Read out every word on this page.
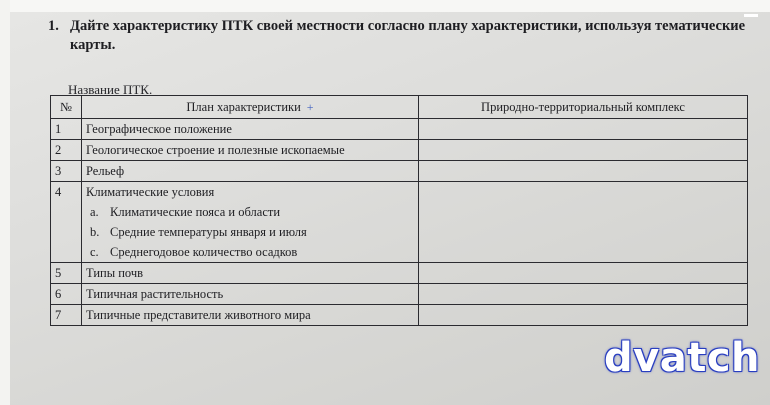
1. Дайте характеристику ПТК своей местности согласно плану характеристики, используя тематические карты.
Название ПТК.
№	План характеристики +	Природно-территориальный комплекс
1	Географическое положение	
2	Геологическое строение и полезные ископаемые	
3	Рельеф	
4	Климатические условия
a. Климатические пояса и области
b. Средние температуры января и июля
c. Среднегодовое количество осадков	

5	Типы почв	
6	Типичная растительность	
7	Типичные представители животного мира	
dvatch
